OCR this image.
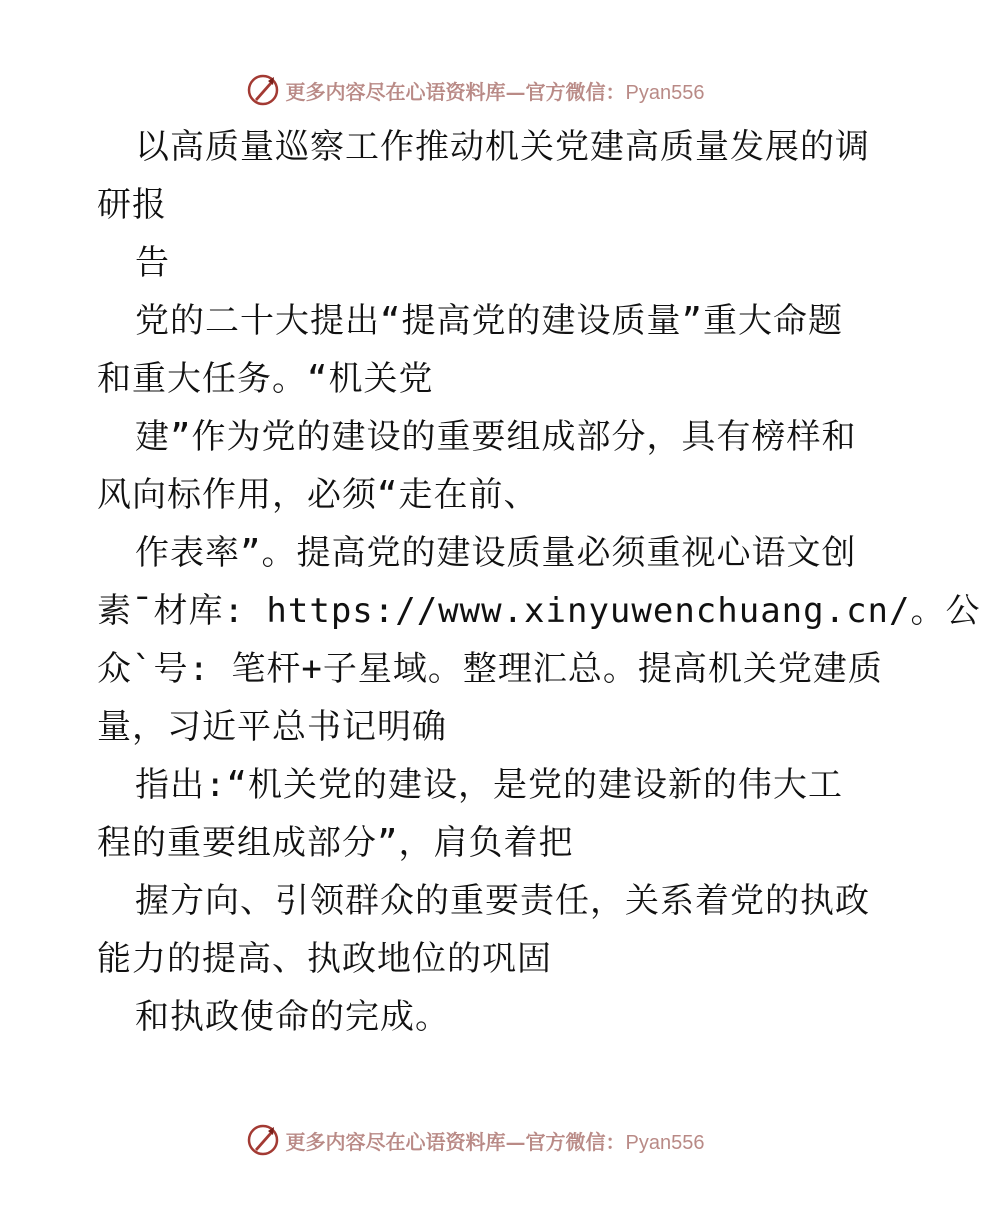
更多内容尽在心语资料库—官方微信：Pyan556
以高质量巡察工作推动机关党建高质量发展的调
研报
告
党的二十大提出“提高党的建设质量”重大命题
和重大任务。“机关党
建”作为党的建设的重要组成部分，具有榜样和
风向标作用，必须“走在前、
作表率”。提高党的建设质量必须重视心语文创
素¯材库: https://www.xinyuwenchuang.cn/。公
众`号: 笔杆+子星域。整理汇总。提高机关党建质
量，习近平总书记明确
指出:“机关党的建设，是党的建设新的伟大工
程的重要组成部分”，肩负着把
握方向、引领群众的重要责任，关系着党的执政
能力的提高、执政地位的巩固
和执政使命的完成。
更多内容尽在心语资料库—官方微信：Pyan556
